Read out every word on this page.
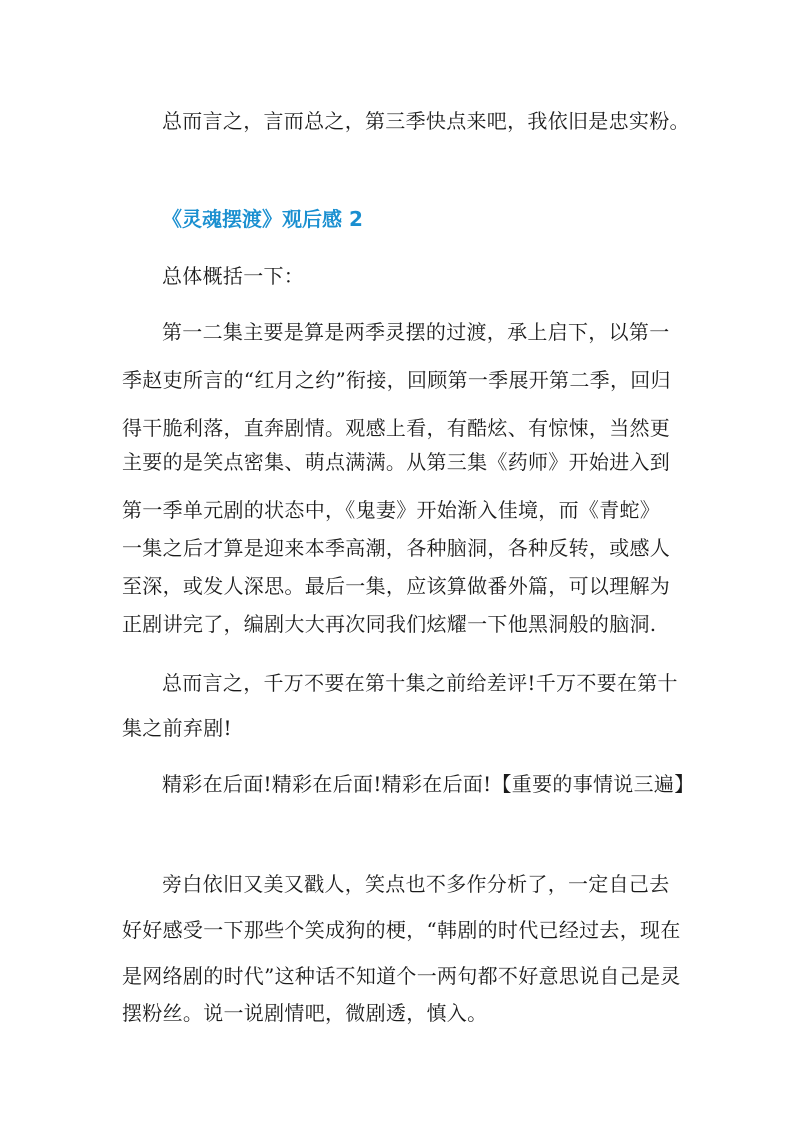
总而言之，言而总之，第三季快点来吧，我依旧是忠实粉。
《灵魂摆渡》观后感 2
总体概括一下：
第一二集主要是算是两季灵摆的过渡，承上启下，以第一
季赵吏所言的“红月之约”衔接，回顾第一季展开第二季，回归
得干脆利落，直奔剧情。观感上看，有酷炫、有惊悚，当然更
主要的是笑点密集、萌点满满。从第三集《药师》开始进入到
第一季单元剧的状态中，《鬼妻》开始渐入佳境，而《青蛇》
一集之后才算是迎来本季高潮，各种脑洞，各种反转，或感人
至深，或发人深思。最后一集，应该算做番外篇，可以理解为
正剧讲完了，编剧大大再次同我们炫耀一下他黑洞般的脑洞.
总而言之，千万不要在第十集之前给差评!千万不要在第十
集之前弃剧!
精彩在后面!精彩在后面!精彩在后面!【重要的事情说三遍】
旁白依旧又美又戳人，笑点也不多作分析了，一定自己去
好好感受一下那些个笑成狗的梗，“韩剧的时代已经过去，现在
是网络剧的时代”这种话不知道个一两句都不好意思说自己是灵
摆粉丝。说一说剧情吧，微剧透，慎入。
